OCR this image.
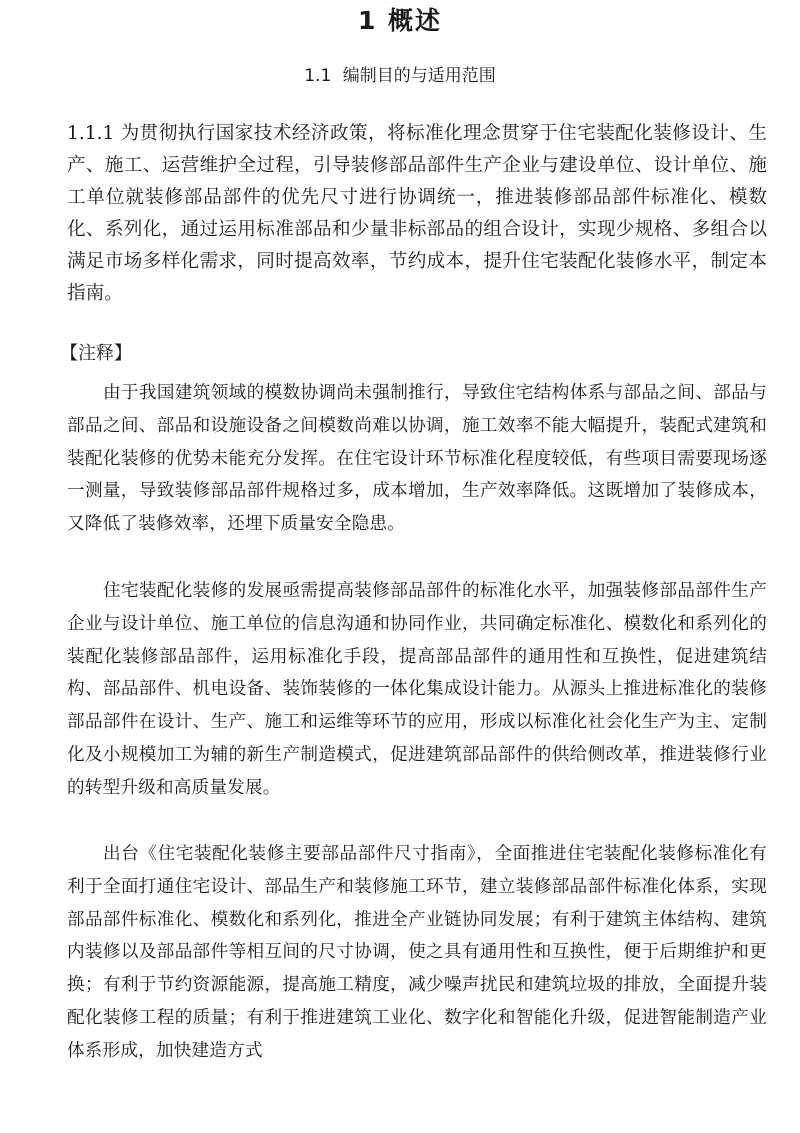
1 概述
1.1 编制目的与适用范围

1.1.1 为贯彻执行国家技术经济政策，将标准化理念贯穿于住宅装配化装修设计、生产、施工、运营维护全过程，引导装修部品部件生产企业与建设单位、设计单位、施工单位就装修部品部件的优先尺寸进行协调统一，推进装修部品部件标准化、模数化、系列化，通过运用标准部品和少量非标部品的组合设计，实现少规格、多组合以满足市场多样化需求，同时提高效率，节约成本，提升住宅装配化装修水平，制定本指南。

【注释】

由于我国建筑领域的模数协调尚未强制推行，导致住宅结构体系与部品之间、部品与部品之间、部品和设施设备之间模数尚难以协调，施工效率不能大幅提升，装配式建筑和装配化装修的优势未能充分发挥。在住宅设计环节标准化程度较低，有些项目需要现场逐一测量，导致装修部品部件规格过多，成本增加，生产效率降低。这既增加了装修成本，又降低了装修效率，还埋下质量安全隐患。

住宅装配化装修的发展亟需提高装修部品部件的标准化水平，加强装修部品部件生产企业与设计单位、施工单位的信息沟通和协同作业，共同确定标准化、模数化和系列化的装配化装修部品部件，运用标准化手段，提高部品部件的通用性和互换性，促进建筑结构、部品部件、机电设备、装饰装修的一体化集成设计能力。从源头上推进标准化的装修部品部件在设计、生产、施工和运维等环节的应用，形成以标准化社会化生产为主、定制化及小规模加工为辅的新生产制造模式，促进建筑部品部件的供给侧改革，推进装修行业的转型升级和高质量发展。

出台《住宅装配化装修主要部品部件尺寸指南》，全面推进住宅装配化装修标准化有利于全面打通住宅设计、部品生产和装修施工环节，建立装修部品部件标准化体系，实现部品部件标准化、模数化和系列化，推进全产业链协同发展；有利于建筑主体结构、建筑内装修以及部品部件等相互间的尺寸协调，使之具有通用性和互换性，便于后期维护和更换；有利于节约资源能源，提高施工精度，减少噪声扰民和建筑垃圾的排放，全面提升装配化装修工程的质量；有利于推进建筑工业化、数字化和智能化升级，促进智能制造产业体系形成，加快建造方式
